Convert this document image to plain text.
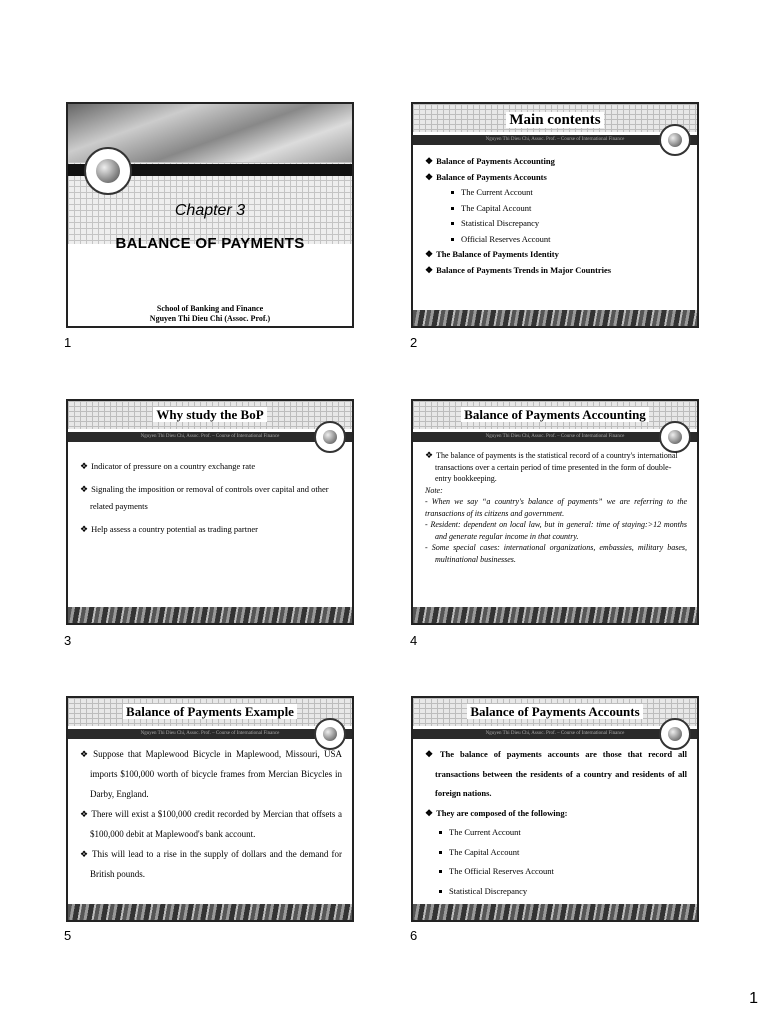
Chapter 3
BALANCE OF PAYMENTS
School of Banking and Finance
Nguyen Thi Dieu Chi (Assoc. Prof.)
1
Main contents
Nguyen Thi Dieu Chi, Assoc. Prof. – Course of International Finance
❖ Balance of Payments Accounting
❖ Balance of Payments Accounts
The Current Account
The Capital Account
Statistical Discrepancy
Official Reserves Account
❖ The Balance of Payments Identity
❖ Balance of Payments Trends in Major Countries
2
Why study the BoP
Nguyen Thi Dieu Chi, Assoc. Prof. – Course of International Finance
❖ Indicator of pressure on a country exchange rate
❖ Signaling the imposition or removal of controls over capital and other related payments
❖ Help assess a country potential as trading partner
3
Balance of Payments Accounting
Nguyen Thi Dieu Chi, Assoc. Prof. – Course of International Finance
❖ The balance of payments is the statistical record of a country's international transactions over a certain period of time presented in the form of double-entry bookkeeping.
Note:
- When we say “a country's balance of payments” we are referring to the transactions of its citizens and government.
- Resident: dependent on local law, but in general: time of staying:>12 months and generate regular income in that country.
- Some special cases: international organizations, embassies, military bases, multinational businesses.
4
Balance of Payments Example
Nguyen Thi Dieu Chi, Assoc. Prof. – Course of International Finance
❖ Suppose that Maplewood Bicycle in Maplewood, Missouri, USA imports $100,000 worth of bicycle frames from Mercian Bicycles in Darby, England.
❖ There will exist a $100,000 credit recorded by Mercian that offsets a $100,000 debit at Maplewood's bank account.
❖ This will lead to a rise in the supply of dollars and the demand for British pounds.
5
Balance of Payments Accounts
Nguyen Thi Dieu Chi, Assoc. Prof. – Course of International Finance
❖ The balance of payments accounts are those that record all transactions between the residents of a country and residents of all foreign nations.
❖ They are composed of the following:
The Current Account
The Capital Account
The Official Reserves Account
Statistical Discrepancy
6
1
